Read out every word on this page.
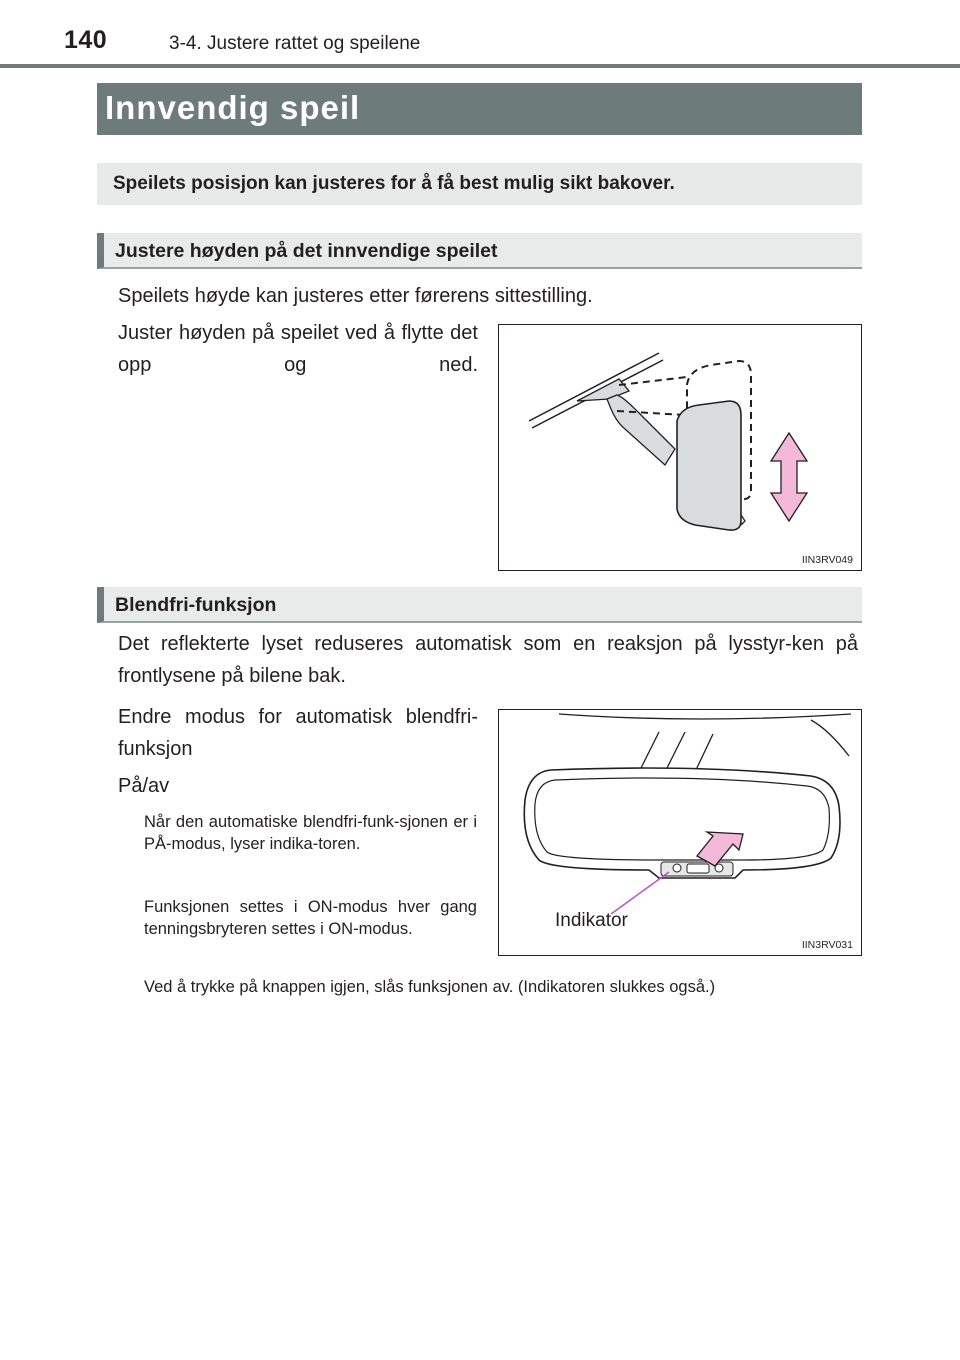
140	3-4. Justere rattet og speilene
Innvendig speil
Speilets posisjon kan justeres for å få best mulig sikt bakover.
Justere høyden på det innvendige speilet
Speilets høyde kan justeres etter førerens sittestilling.
Juster høyden på speilet ved å flytte det opp og ned.
IIN3RV049
Blendfri-funksjon
Det reflekterte lyset reduseres automatisk som en reaksjon på lysstyr-ken på frontlysene på bilene bak.
Endre modus for automatisk blendfri-funksjon
På/av
Når den automatiske blendfri-funk-sjonen er i PÅ-modus, lyser indika-toren.
Funksjonen settes i ON-modus hver gang tenningsbryteren settes i ON-modus.
Ved å trykke på knappen igjen, slås funksjonen av. (Indikatoren slukkes også.)
Indikator
IIN3RV031
